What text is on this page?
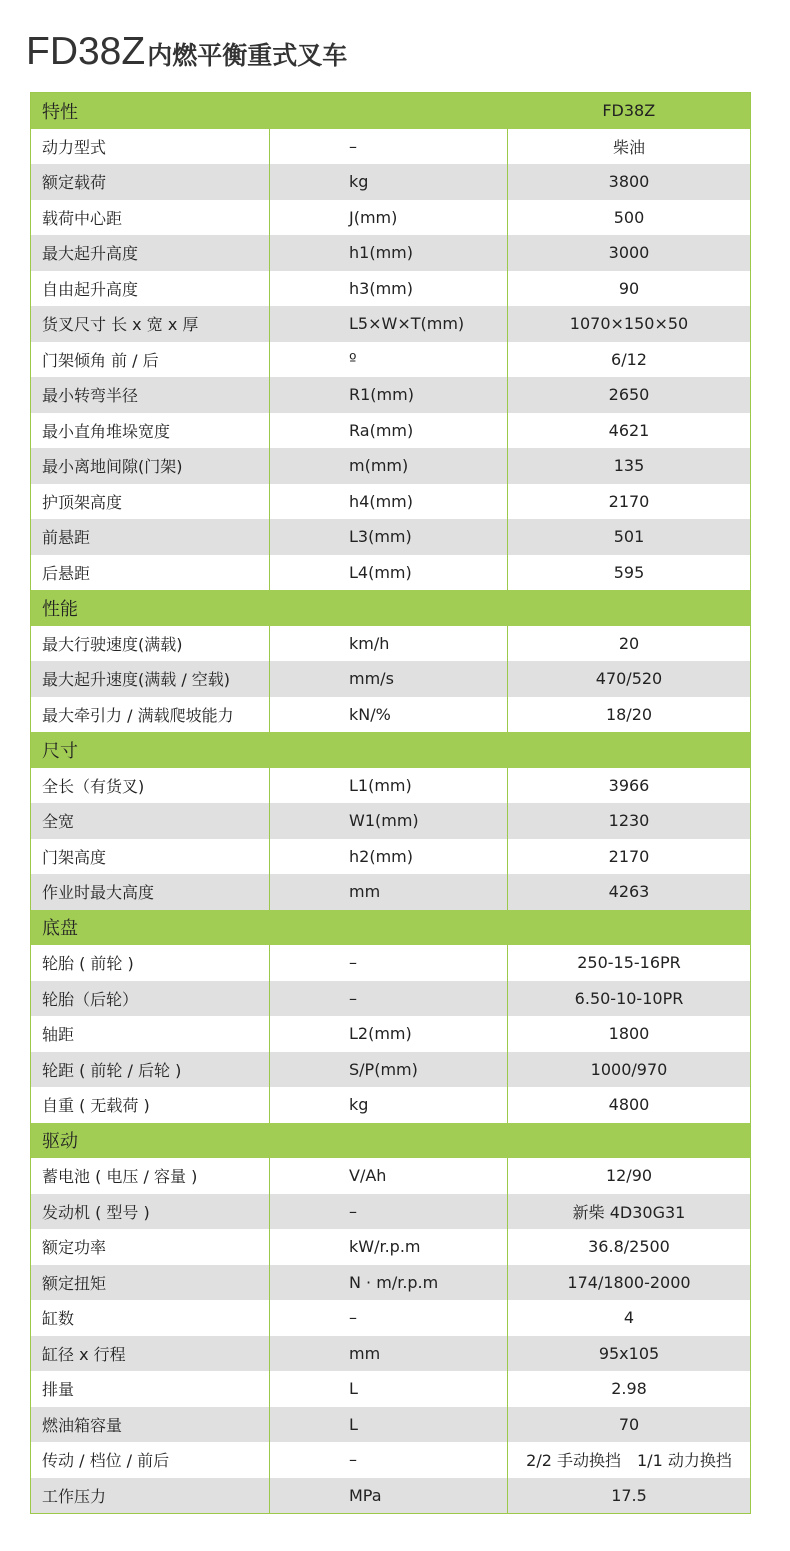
FD38Z内燃平衡重式叉车
特性		FD38Z
动力型式	–	柴油
额定载荷	kg	3800
载荷中心距	J(mm)	500
最大起升高度	h1(mm)	3000
自由起升高度	h3(mm)	90
货叉尺寸 长 x 宽 x 厚	L5×W×T(mm)	1070×150×50
门架倾角 前 / 后	º	6/12
最小转弯半径	R1(mm)	2650
最小直角堆垛宽度	Ra(mm)	4621
最小离地间隙(门架)	m(mm)	135
护顶架高度	h4(mm)	2170
前悬距	L3(mm)	501
后悬距	L4(mm)	595
性能		
最大行驶速度(满载)	km/h	20
最大起升速度(满载 / 空载)	mm/s	470/520
最大牵引力 / 满载爬坡能力	kN/%	18/20
尺寸		
全长（有货叉)	L1(mm)	3966
全宽	W1(mm)	1230
门架高度	h2(mm)	2170
作业时最大高度	mm	4263
底盘		
轮胎 ( 前轮 )	–	250-15-16PR
轮胎（后轮）	–	6.50-10-10PR
轴距	L2(mm)	1800
轮距 ( 前轮 / 后轮 )	S/P(mm)	1000/970
自重 ( 无载荷 )	kg	4800
驱动		
蓄电池 ( 电压 / 容量 )	V/Ah	12/90
发动机 ( 型号 )	–	新柴 4D30G31
额定功率	kW/r.p.m	36.8/2500
额定扭矩	N · m/r.p.m	174/1800-2000
缸数	–	4
缸径 x 行程	mm	95x105
排量	L	2.98
燃油箱容量	L	70
传动 / 档位 / 前后	–	2/2 手动换挡　1/1 动力换挡
工作压力	MPa	17.5
